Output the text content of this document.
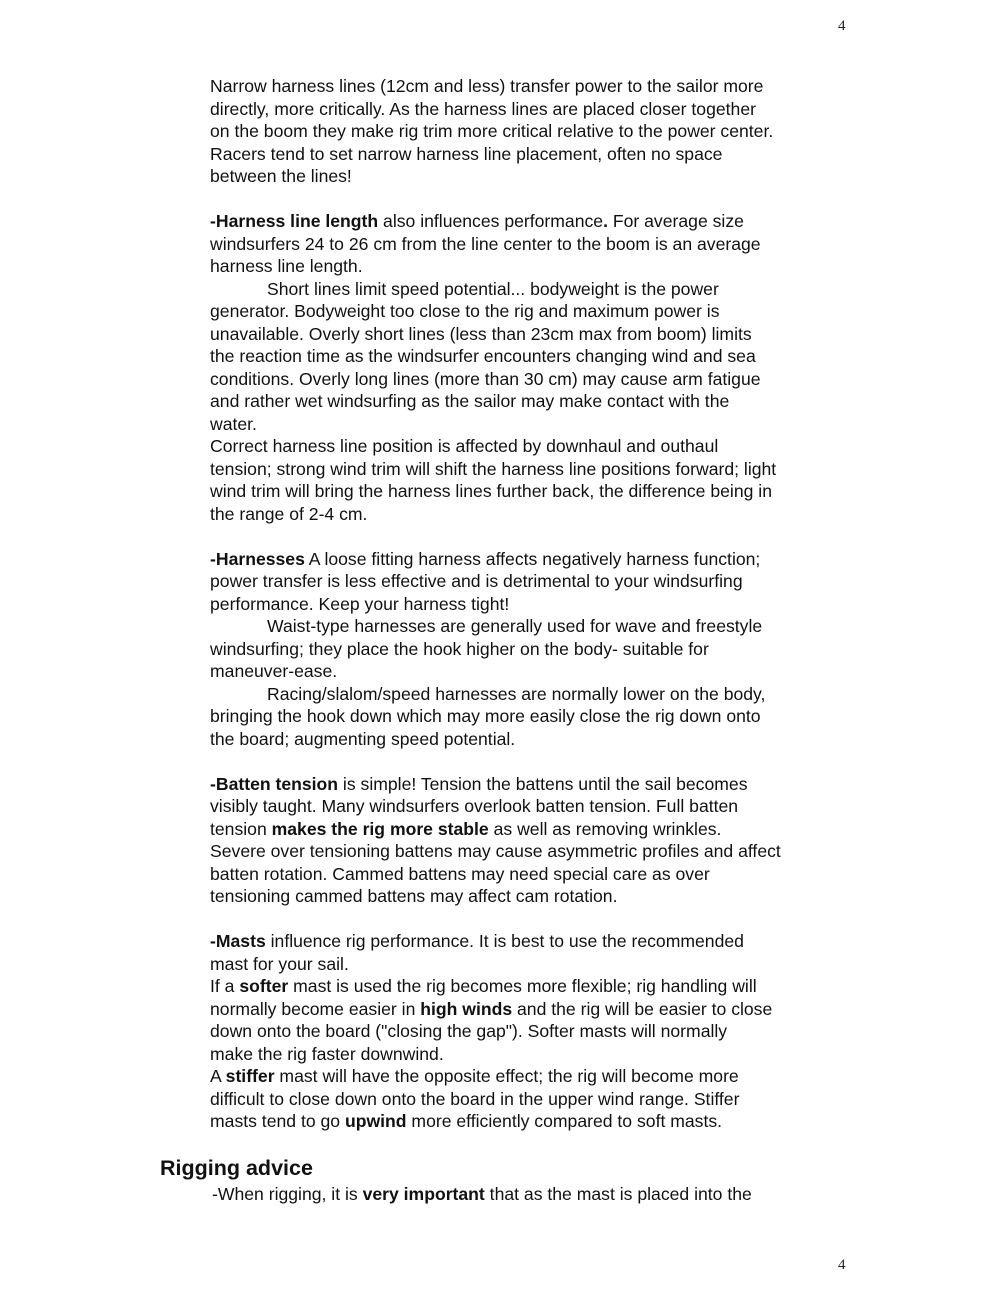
4

Narrow harness lines (12cm and less) transfer power to the sailor more
directly, more critically. As the harness lines are placed closer together
on the boom they make rig trim more critical relative to the power center.
Racers tend to set narrow harness line placement, often no space
between the lines!

-Harness line length also influences performance. For average size
windsurfers 24 to 26 cm from the line center to the boom is an average
harness line length.

Short lines limit speed potential... bodyweight is the power
generator. Bodyweight too close to the rig and maximum power is
unavailable. Overly short lines (less than 23cm max from boom) limits
the reaction time as the windsurfer encounters changing wind and sea
conditions. Overly long lines (more than 30 cm) may cause arm fatigue
and rather wet windsurfing as the sailor may make contact with the
water.

Correct harness line position is affected by downhaul and outhaul
tension; strong wind trim will shift the harness line positions forward; light
wind trim will bring the harness lines further back, the difference being in
the range of 2-4 cm.

-Harnesses A loose fitting harness affects negatively harness function;
power transfer is less effective and is detrimental to your windsurfing
performance. Keep your harness tight!

Waist-type harnesses are generally used for wave and freestyle
windsurfing; they place the hook higher on the body- suitable for
maneuver-ease.

Racing/slalom/speed harnesses are normally lower on the body,
bringing the hook down which may more easily close the rig down onto
the board; augmenting speed potential.

-Batten tension is simple! Tension the battens until the sail becomes
visibly taught. Many windsurfers overlook batten tension. Full batten
tension makes the rig more stable as well as removing wrinkles.
Severe over tensioning battens may cause asymmetric profiles and affect
batten rotation. Cammed battens may need special care as over
tensioning cammed battens may affect cam rotation.

-Masts influence rig performance. It is best to use the recommended
mast for your sail.

If a softer mast is used the rig becomes more flexible; rig handling will
normally become easier in high winds and the rig will be easier to close
down onto the board ("closing the gap"). Softer masts will normally
make the rig faster downwind.

A stiffer mast will have the opposite effect; the rig will become more
difficult to close down onto the board in the upper wind range. Stiffer
masts tend to go upwind more efficiently compared to soft masts.

Rigging advice

-When rigging, it is very important that as the mast is placed into the

4
